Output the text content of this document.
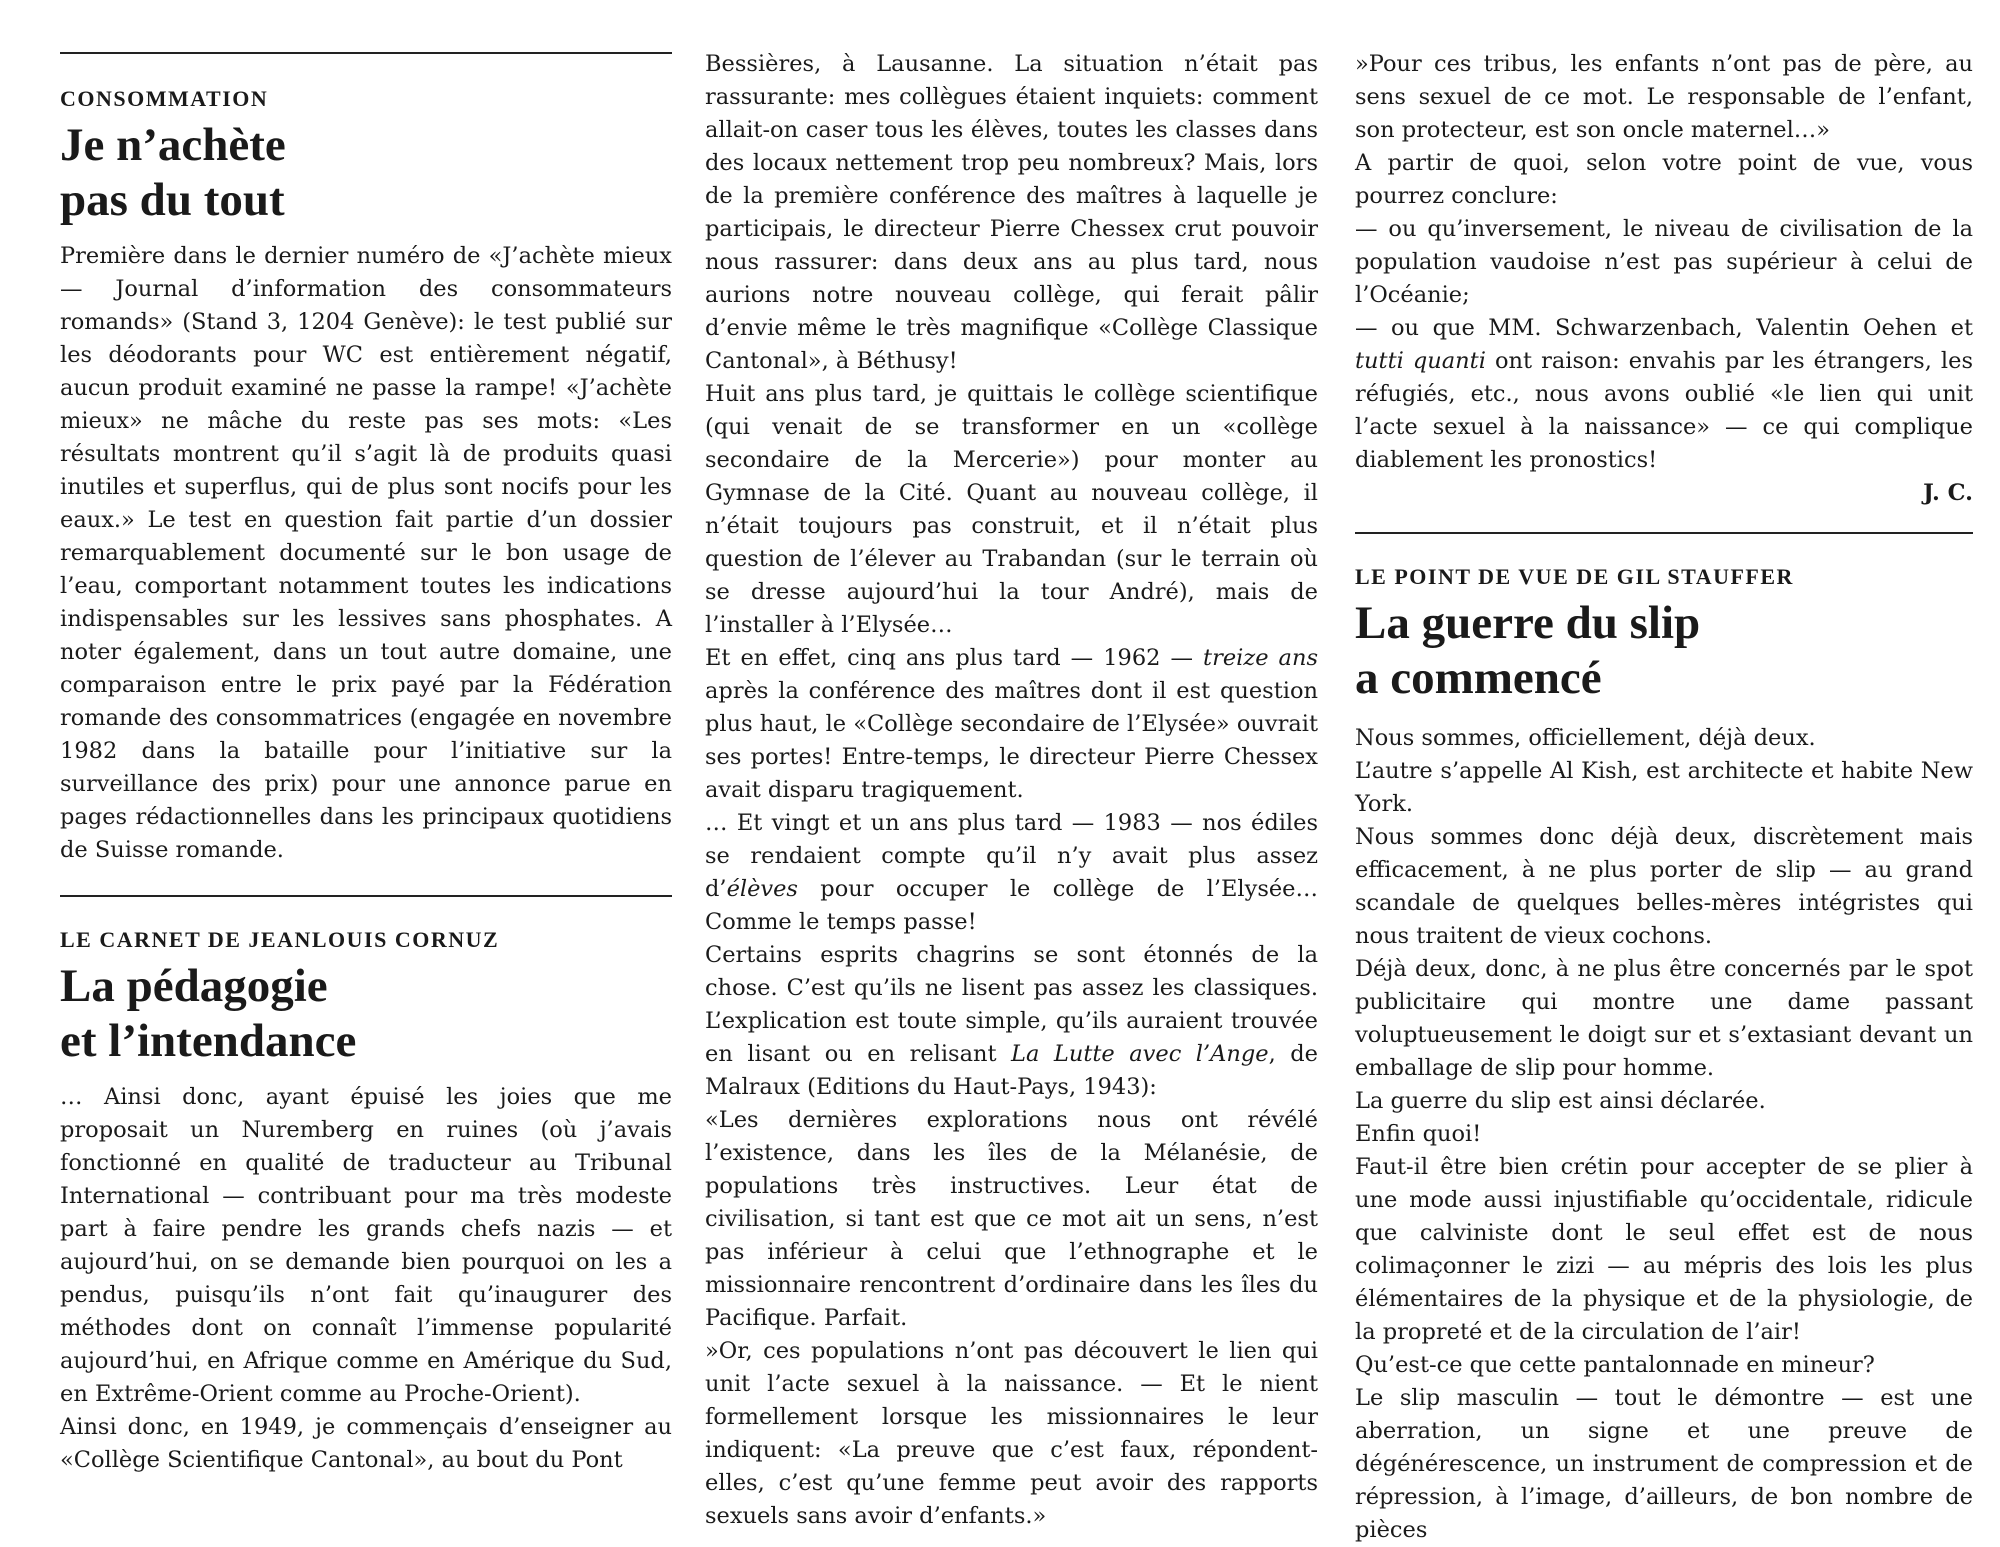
CONSOMMATION
Je n’achète
pas du tout

Première dans le dernier numéro de «J’achète mieux — Journal d’information des consommateurs romands» (Stand 3, 1204 Genève): le test publié sur les déodorants pour WC est entièrement négatif, aucun produit examiné ne passe la rampe! «J’achète mieux» ne mâche du reste pas ses mots: «Les résultats montrent qu’il s’agit là de produits quasi inutiles et superflus, qui de plus sont nocifs pour les eaux.» Le test en question fait partie d’un dossier remarquablement documenté sur le bon usage de l’eau, comportant notamment toutes les indications indispensables sur les lessives sans phosphates. A noter également, dans un tout autre domaine, une comparaison entre le prix payé par la Fédération romande des consommatrices (engagée en novembre 1982 dans la bataille pour l’initiative sur la surveillance des prix) pour une annonce parue en pages rédactionnelles dans les principaux quotidiens de Suisse romande.

LE CARNET DE JEANLOUIS CORNUZ
La pédagogie
et l’intendance

… Ainsi donc, ayant épuisé les joies que me proposait un Nuremberg en ruines (où j’avais fonctionné en qualité de traducteur au Tribunal International — contribuant pour ma très modeste part à faire pendre les grands chefs nazis — et aujourd’hui, on se demande bien pourquoi on les a pendus, puisqu’ils n’ont fait qu’inaugurer des méthodes dont on connaît l’immense popularité aujourd’hui, en Afrique comme en Amérique du Sud, en Extrême-Orient comme au Proche-Orient).

Ainsi donc, en 1949, je commençais d’enseigner au «Collège Scientifique Cantonal», au bout du Pont

Bessières, à Lausanne. La situation n’était pas rassurante: mes collègues étaient inquiets: comment allait-on caser tous les élèves, toutes les classes dans des locaux nettement trop peu nombreux? Mais, lors de la première conférence des maîtres à laquelle je participais, le directeur Pierre Chessex crut pouvoir nous rassurer: dans deux ans au plus tard, nous aurions notre nouveau collège, qui ferait pâlir d’envie même le très magnifique «Collège Classique Cantonal», à Béthusy!

Huit ans plus tard, je quittais le collège scientifique (qui venait de se transformer en un «collège secondaire de la Mercerie») pour monter au Gymnase de la Cité. Quant au nouveau collège, il n’était toujours pas construit, et il n’était plus question de l’élever au Trabandan (sur le terrain où se dresse aujourd’hui la tour André), mais de l’installer à l’Elysée…

Et en effet, cinq ans plus tard — 1962 — treize ans après la conférence des maîtres dont il est question plus haut, le «Collège secondaire de l’Elysée» ouvrait ses portes! Entre-temps, le directeur Pierre Chessex avait disparu tragiquement.

… Et vingt et un ans plus tard — 1983 — nos édiles se rendaient compte qu’il n’y avait plus assez d’élèves pour occuper le collège de l’Elysée… Comme le temps passe!

Certains esprits chagrins se sont étonnés de la chose. C’est qu’ils ne lisent pas assez les classiques. L’explication est toute simple, qu’ils auraient trouvée en lisant ou en relisant La Lutte avec l’Ange, de Malraux (Editions du Haut-Pays, 1943):

«Les dernières explorations nous ont révélé l’existence, dans les îles de la Mélanésie, de populations très instructives. Leur état de civilisation, si tant est que ce mot ait un sens, n’est pas inférieur à celui que l’ethnographe et le missionnaire rencontrent d’ordinaire dans les îles du Pacifique. Parfait.

»Or, ces populations n’ont pas découvert le lien qui unit l’acte sexuel à la naissance. — Et le nient formellement lorsque les missionnaires le leur indiquent: «La preuve que c’est faux, répondent-elles, c’est qu’une femme peut avoir des rapports sexuels sans avoir d’enfants.»

»Pour ces tribus, les enfants n’ont pas de père, au sens sexuel de ce mot. Le responsable de l’enfant, son protecteur, est son oncle maternel…»

A partir de quoi, selon votre point de vue, vous pourrez conclure:

— ou qu’inversement, le niveau de civilisation de la population vaudoise n’est pas supérieur à celui de l’Océanie;

— ou que MM. Schwarzenbach, Valentin Oehen et tutti quanti ont raison: envahis par les étrangers, les réfugiés, etc., nous avons oublié «le lien qui unit l’acte sexuel à la naissance» — ce qui complique diablement les pronostics!

J. C.

LE POINT DE VUE DE GIL STAUFFER
La guerre du slip
a commencé

Nous sommes, officiellement, déjà deux.

L’autre s’appelle Al Kish, est architecte et habite New York.

Nous sommes donc déjà deux, discrètement mais efficacement, à ne plus porter de slip — au grand scandale de quelques belles-mères intégristes qui nous traitent de vieux cochons.

Déjà deux, donc, à ne plus être concernés par le spot publicitaire qui montre une dame passant voluptueusement le doigt sur et s’extasiant devant un emballage de slip pour homme.

La guerre du slip est ainsi déclarée.

Enfin quoi!

Faut-il être bien crétin pour accepter de se plier à une mode aussi injustifiable qu’occidentale, ridicule que calviniste dont le seul effet est de nous colimaçonner le zizi — au mépris des lois les plus élémentaires de la physique et de la physiologie, de la propreté et de la circulation de l’air!

Qu’est-ce que cette pantalonnade en mineur?

Le slip masculin — tout le démontre — est une aberration, un signe et une preuve de dégénérescence, un instrument de compression et de répression, à l’image, d’ailleurs, de bon nombre de pièces
